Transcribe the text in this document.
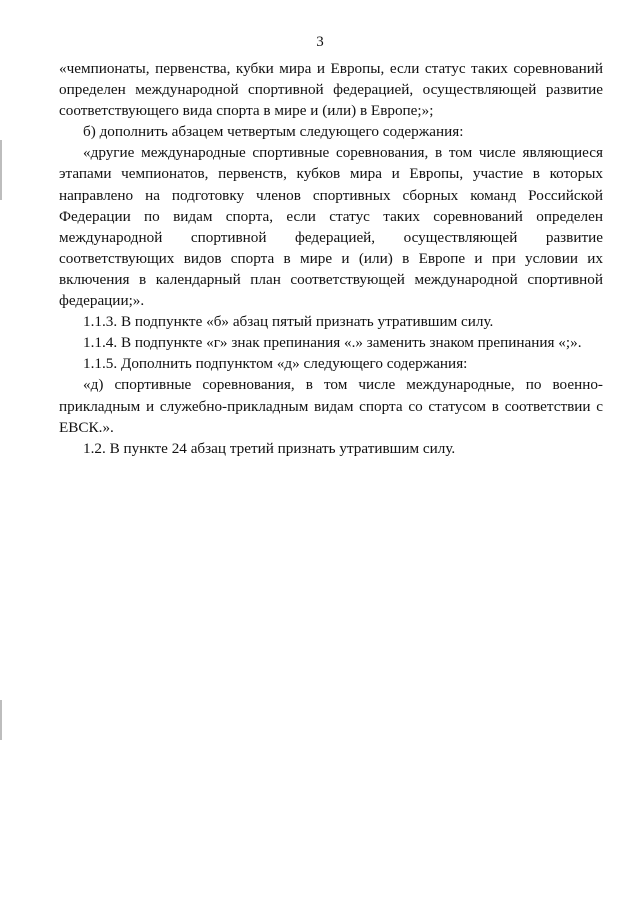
3

«чемпионаты, первенства, кубки мира и Европы, если статус таких соревнований определен международной спортивной федерацией, осуществляющей развитие соответствующего вида спорта в мире и (или) в Европе;»;

б) дополнить абзацем четвертым следующего содержания:

«другие международные спортивные соревнования, в том числе являющиеся этапами чемпионатов, первенств, кубков мира и Европы, участие в которых направлено на подготовку членов спортивных сборных команд Российской Федерации по видам спорта, если статус таких соревнований определен международной спортивной федерацией, осуществляющей развитие соответствующих видов спорта в мире и (или) в Европе и при условии их включения в календарный план соответствующей международной спортивной федерации;».

1.1.3. В подпункте «б» абзац пятый признать утратившим силу.

1.1.4. В подпункте «г» знак препинания «.» заменить знаком препинания «;».

1.1.5. Дополнить подпунктом «д» следующего содержания:

«д) спортивные соревнования, в том числе международные, по военно-прикладным и служебно-прикладным видам спорта со статусом в соответствии с ЕВСК.».

1.2. В пункте 24 абзац третий признать утратившим силу.
